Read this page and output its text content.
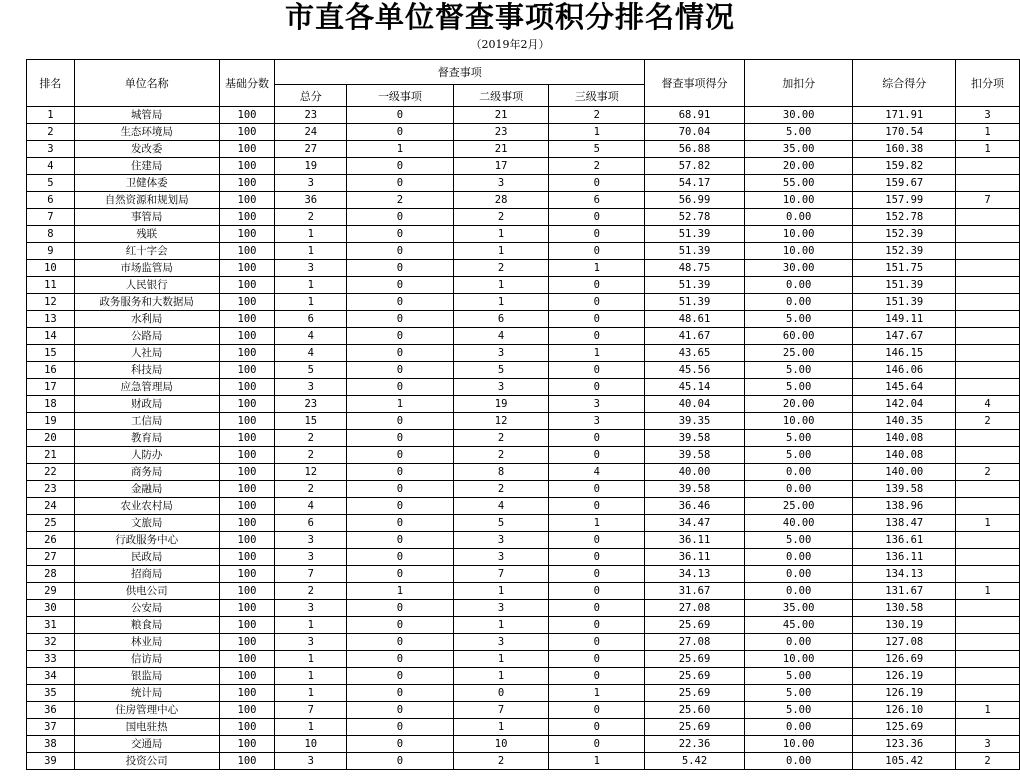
市直各单位督查事项积分排名情况
（2019年2月）
排名	单位名称	基础分数	督查事项				督查事项得分	加扣分	综合得分	扣分项
			总分	一级事项	二级事项	三级事项				
1	城管局	100	23	0	21	2	68.91	30.00	171.91	3
2	生态环境局	100	24	0	23	1	70.04	5.00	170.54	1
3	发改委	100	27	1	21	5	56.88	35.00	160.38	1
4	住建局	100	19	0	17	2	57.82	20.00	159.82	
5	卫健体委	100	3	0	3	0	54.17	55.00	159.67	
6	自然资源和规划局	100	36	2	28	6	56.99	10.00	157.99	7
7	事管局	100	2	0	2	0	52.78	0.00	152.78	
8	残联	100	1	0	1	0	51.39	10.00	152.39	
9	红十字会	100	1	0	1	0	51.39	10.00	152.39	
10	市场监管局	100	3	0	2	1	48.75	30.00	151.75	
11	人民银行	100	1	0	1	0	51.39	0.00	151.39	
12	政务服务和大数据局	100	1	0	1	0	51.39	0.00	151.39	
13	水利局	100	6	0	6	0	48.61	5.00	149.11	
14	公路局	100	4	0	4	0	41.67	60.00	147.67	
15	人社局	100	4	0	3	1	43.65	25.00	146.15	
16	科技局	100	5	0	5	0	45.56	5.00	146.06	
17	应急管理局	100	3	0	3	0	45.14	5.00	145.64	
18	财政局	100	23	1	19	3	40.04	20.00	142.04	4
19	工信局	100	15	0	12	3	39.35	10.00	140.35	2
20	教育局	100	2	0	2	0	39.58	5.00	140.08	
21	人防办	100	2	0	2	0	39.58	5.00	140.08	
22	商务局	100	12	0	8	4	40.00	0.00	140.00	2
23	金融局	100	2	0	2	0	39.58	0.00	139.58	
24	农业农村局	100	4	0	4	0	36.46	25.00	138.96	
25	文旅局	100	6	0	5	1	34.47	40.00	138.47	1
26	行政服务中心	100	3	0	3	0	36.11	5.00	136.61	
27	民政局	100	3	0	3	0	36.11	0.00	136.11	
28	招商局	100	7	0	7	0	34.13	0.00	134.13	
29	供电公司	100	2	1	1	0	31.67	0.00	131.67	1
30	公安局	100	3	0	3	0	27.08	35.00	130.58	
31	粮食局	100	1	0	1	0	25.69	45.00	130.19	
32	林业局	100	3	0	3	0	27.08	0.00	127.08	
33	信访局	100	1	0	1	0	25.69	10.00	126.69	
34	银监局	100	1	0	1	0	25.69	5.00	126.19	
35	统计局	100	1	0	0	1	25.69	5.00	126.19	
36	住房管理中心	100	7	0	7	0	25.60	5.00	126.10	1
37	国电驻热	100	1	0	1	0	25.69	0.00	125.69	
38	交通局	100	10	0	10	0	22.36	10.00	123.36	3
39	投资公司	100	3	0	2	1	5.42	0.00	105.42	2
